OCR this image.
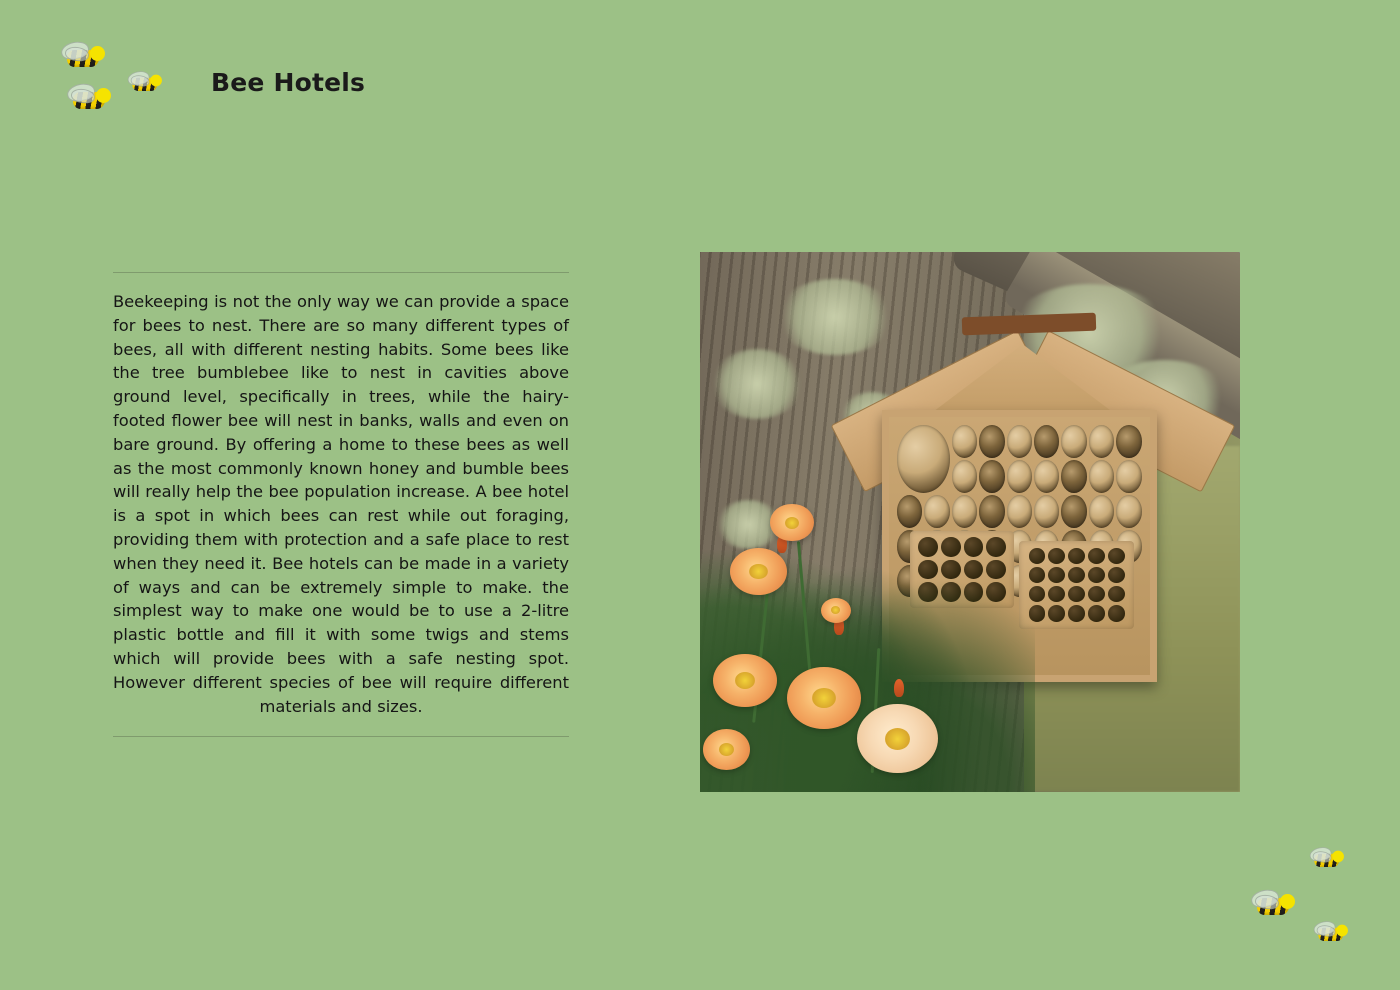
Bee Hotels
Beekeeping is not the only way we can provide a space for bees to nest. There are so many different types of bees, all with different nesting habits. Some bees like the tree bumblebee like to nest in cavities above ground level, specifically in trees, while the hairy-footed flower bee will nest in banks, walls and even on bare ground. By offering a home to these bees as well as the most commonly known honey and bumble bees will really help the bee population increase. A bee hotel is a spot in which bees can rest while out foraging, providing them with protection and a safe place to rest when they need it. Bee hotels can be made in a variety of ways and can be extremely simple to make. the simplest way to make one would be to use a 2-litre plastic bottle and fill it with some twigs and stems which will provide bees with a safe nesting spot. However different species of bee will require different materials and sizes.
